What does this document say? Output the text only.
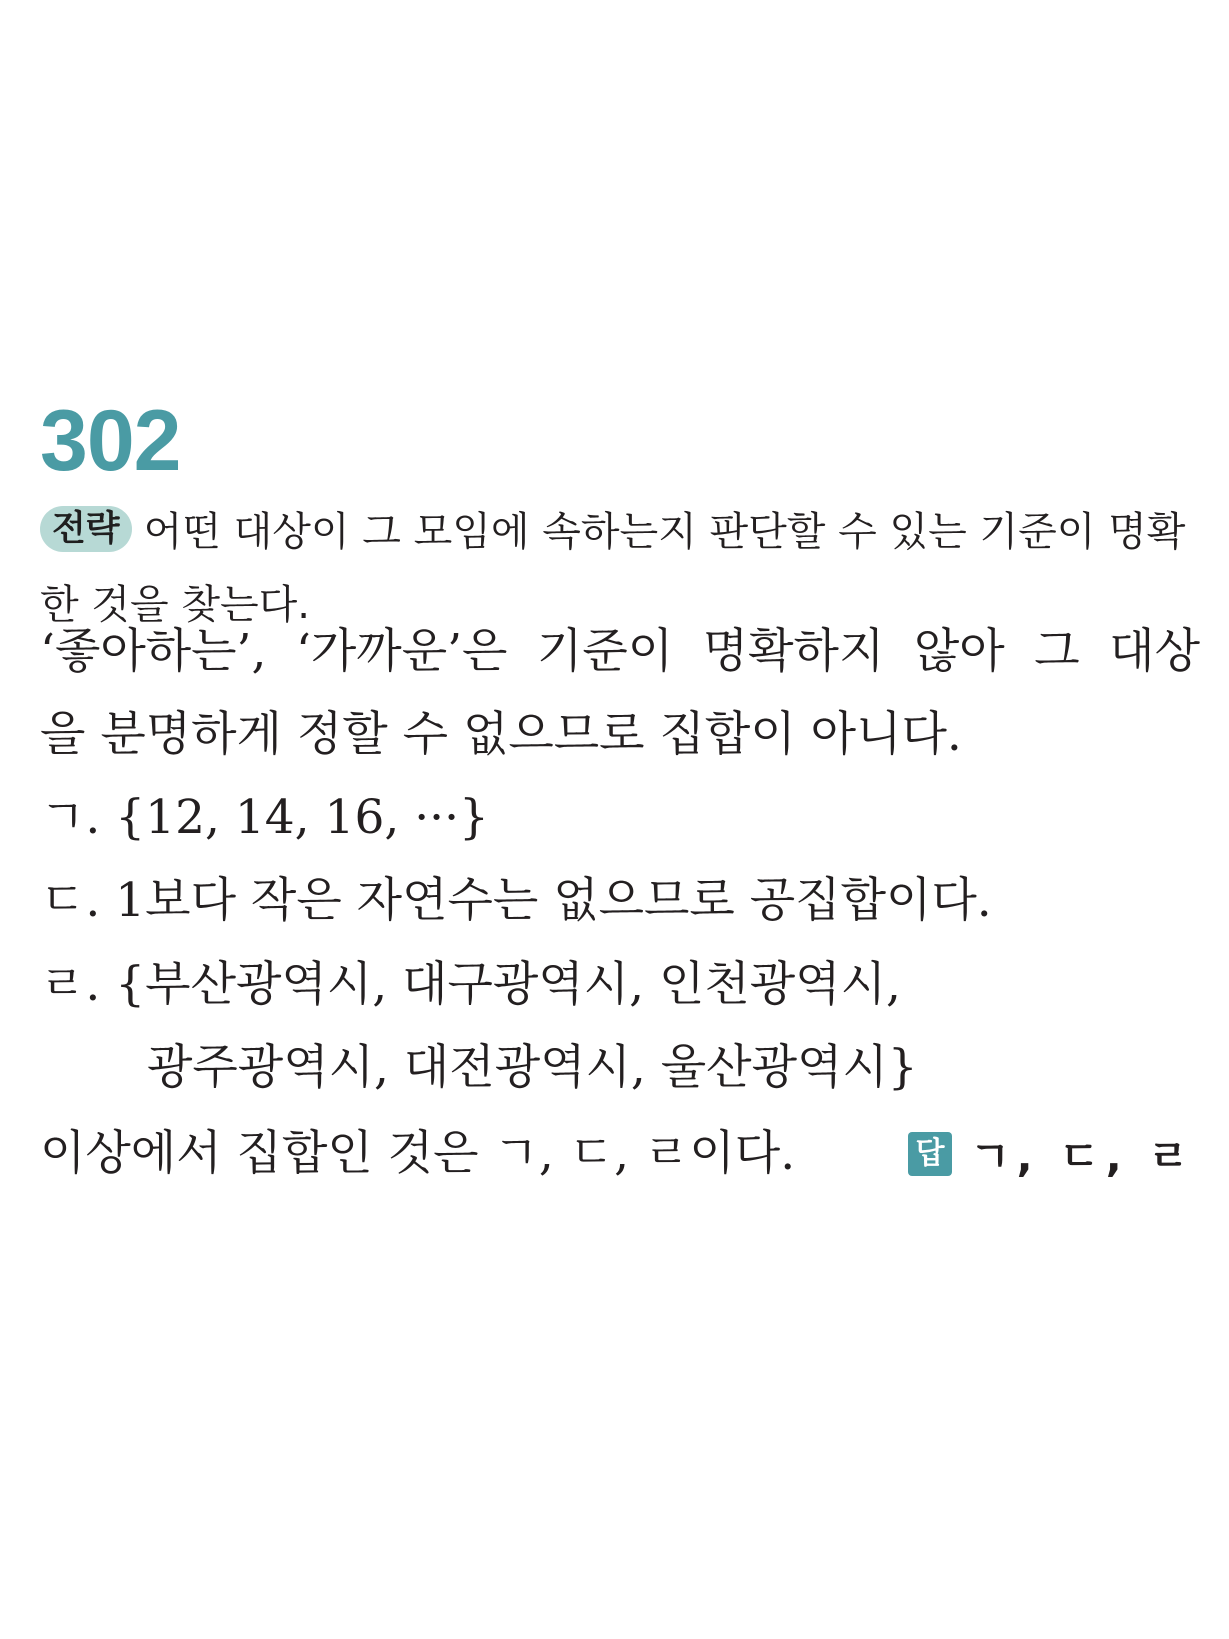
302
전략 어떤 대상이 그 모임에 속하는지 판단할 수 있는 기준이 명확한 것을 찾는다.
‘좋아하는’, ‘가까운’은 기준이 명확하지 않아 그 대상
을 분명하게 정할 수 없으므로 집합이 아니다.
ㄱ. {12, 14, 16, ···}
ㄷ. 1보다 작은 자연수는 없으므로 공집합이다.
ㄹ. {부산광역시, 대구광역시, 인천광역시,
광주광역시, 대전광역시, 울산광역시}
이상에서 집합인 것은 ㄱ, ㄷ, ㄹ이다.	답 ㄱ, ㄷ, ㄹ
